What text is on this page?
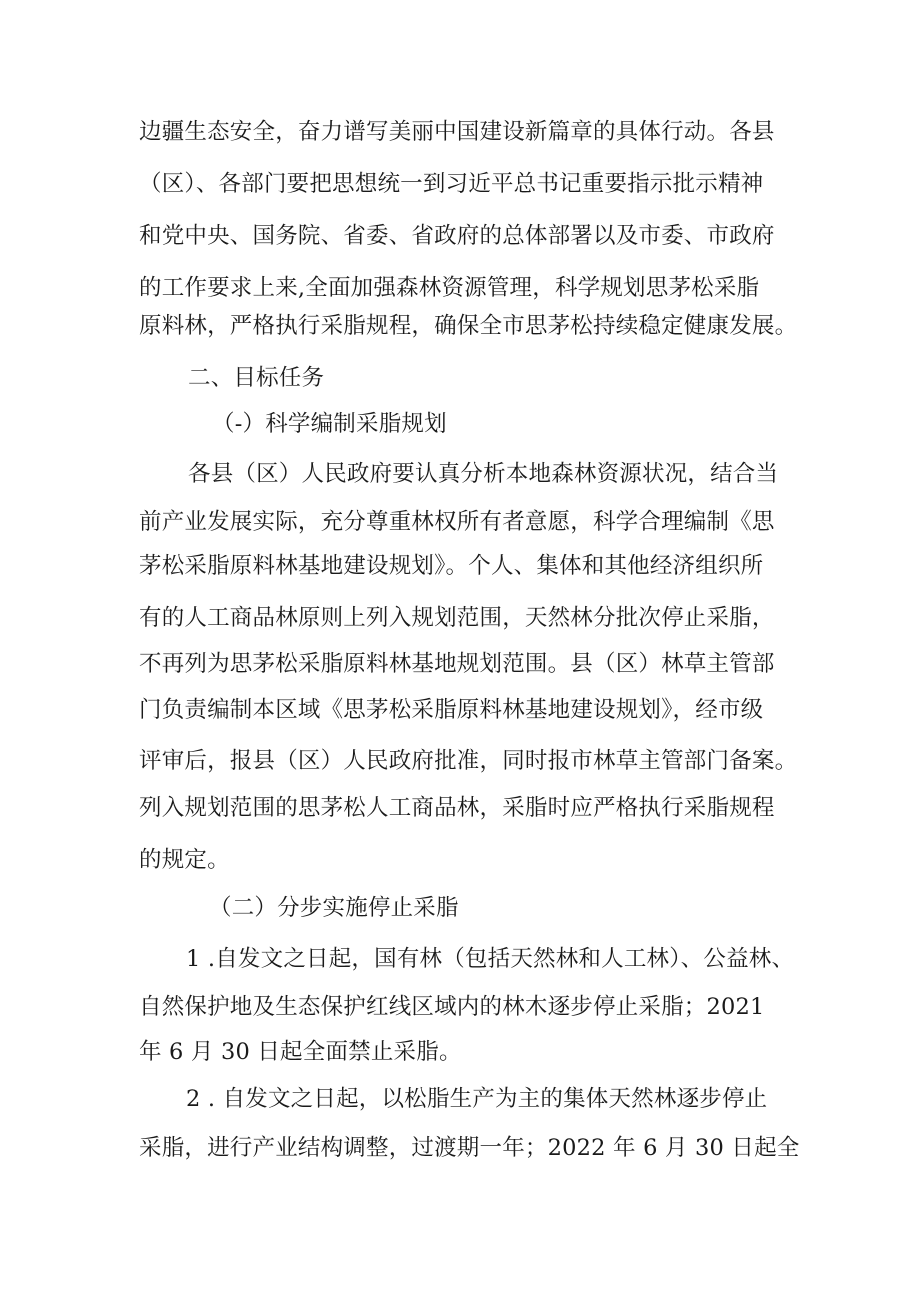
边疆生态安全，奋力谱写美丽中国建设新篇章的具体行动。各县

（区）、各部门要把思想统一到习近平总书记重要指示批示精神

和党中央、国务院、省委、省政府的总体部署以及市委、市政府

的工作要求上来,全面加强森林资源管理，科学规划思茅松采脂

原料林，严格执行采脂规程，确保全市思茅松持续稳定健康发展。

二、目标任务

（-）科学编制采脂规划

各县（区）人民政府要认真分析本地森林资源状况，结合当

前产业发展实际，充分尊重林权所有者意愿，科学合理编制《思

茅松采脂原料林基地建设规划》。个人、集体和其他经济组织所

有的人工商品林原则上列入规划范围，天然林分批次停止采脂，

不再列为思茅松采脂原料林基地规划范围。县（区）林草主管部

门负责编制本区域《思茅松采脂原料林基地建设规划》，经市级

评审后，报县（区）人民政府批准，同时报市林草主管部门备案。

列入规划范围的思茅松人工商品林，采脂时应严格执行采脂规程

的规定。

（二）分步实施停止采脂

1 .自发文之日起，国有林（包括天然林和人工林）、公益林、

自然保护地及生态保护红线区域内的林木逐步停止采脂；2021

年 6 月 30 日起全面禁止采脂。

2 . 自发文之日起，以松脂生产为主的集体天然林逐步停止

采脂，进行产业结构调整，过渡期一年；2022 年 6 月 30 日起全
